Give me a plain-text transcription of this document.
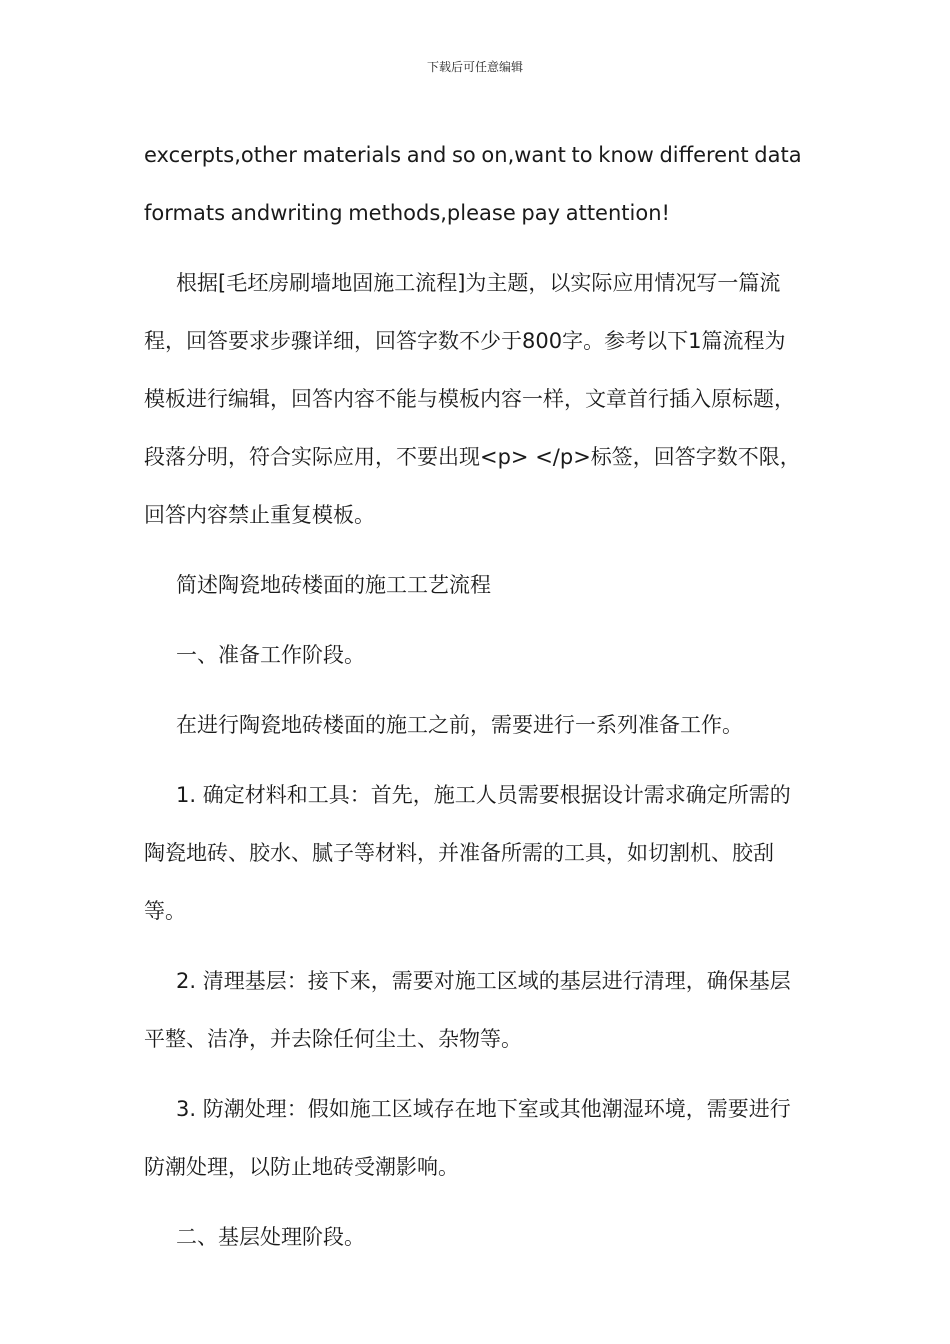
下载后可任意编辑

excerpts,other materials and so on,want to know different data formats andwriting methods,please pay attention!

根据[毛坯房刷墙地固施工流程]为主题，以实际应用情况写一篇流程，回答要求步骤详细，回答字数不少于800字。参考以下1篇流程为模板进行编辑，回答内容不能与模板内容一样，文章首行插入原标题，段落分明，符合实际应用，不要出现<p> </p>标签，回答字数不限，回答内容禁止重复模板。

简述陶瓷地砖楼面的施工工艺流程

一、准备工作阶段。

在进行陶瓷地砖楼面的施工之前，需要进行一系列准备工作。

1. 确定材料和工具：首先，施工人员需要根据设计需求确定所需的陶瓷地砖、胶水、腻子等材料，并准备所需的工具，如切割机、胶刮等。

2. 清理基层：接下来，需要对施工区域的基层进行清理，确保基层平整、洁净，并去除任何尘土、杂物等。

3. 防潮处理：假如施工区域存在地下室或其他潮湿环境，需要进行防潮处理，以防止地砖受潮影响。

二、基层处理阶段。
